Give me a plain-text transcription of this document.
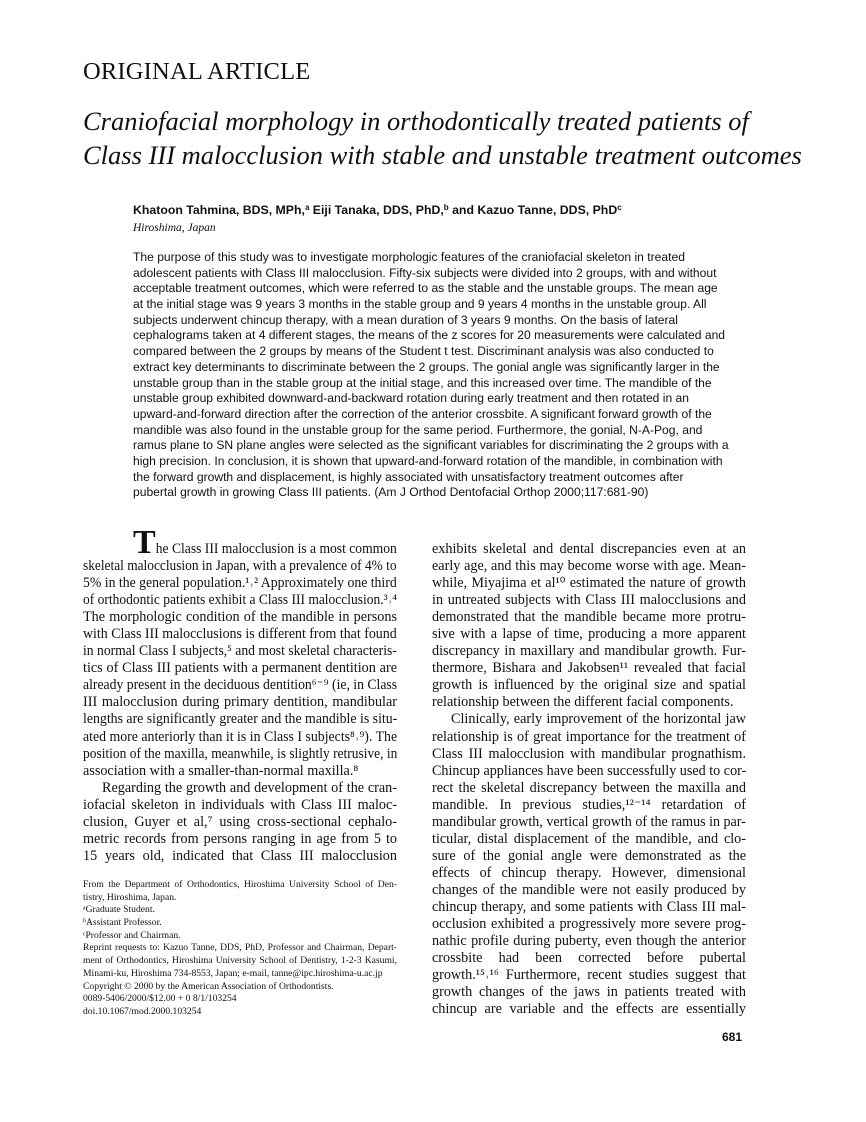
ORIGINAL ARTICLE
Craniofacial morphology in orthodontically treated patients of
Class III malocclusion with stable and unstable treatment outcomes
Khatoon Tahmina, BDS, MPh,$^a$ Eiji Tanaka, DDS, PhD,$^b$ and Kazuo Tanne, DDS, PhD$^c$
Hiroshima, Japan
The purpose of this study was to investigate morphologic features of the craniofacial skeleton in treated
adolescent patients with Class III malocclusion. Fifty-six subjects were divided into 2 groups, with and without
acceptable treatment outcomes, which were referred to as the stable and the unstable groups. The mean age
at the initial stage was 9 years 3 months in the stable group and 9 years 4 months in the unstable group. All
subjects underwent chincup therapy, with a mean duration of 3 years 9 months. On the basis of lateral
cephalograms taken at 4 different stages, the means of the z scores for 20 measurements were calculated and
compared between the 2 groups by means of the Student t test. Discriminant analysis was also conducted to
extract key determinants to discriminate between the 2 groups. The gonial angle was significantly larger in the
unstable group than in the stable group at the initial stage, and this increased over time. The mandible of the
unstable group exhibited downward-and-backward rotation during early treatment and then rotated in an
upward-and-forward direction after the correction of the anterior crossbite. A significant forward growth of the
mandible was also found in the unstable group for the same period. Furthermore, the gonial, N-A-Pog, and
ramus plane to SN plane angles were selected as the significant variables for discriminating the 2 groups with a
high precision. In conclusion, it is shown that upward-and-forward rotation of the mandible, in combination with
the forward growth and displacement, is highly associated with unsatisfactory treatment outcomes after
pubertal growth in growing Class III patients. (Am J Orthod Dentofacial Orthop 2000;117:681-90)
T he Class III malocclusion is a most common
skeletal malocclusion in Japan, with a prevalence of 4% to
5% in the general population.¹˒² Approximately one third
of orthodontic patients exhibit a Class III malocclusion.³˒⁴
The morphologic condition of the mandible in persons
with Class III malocclusions is different from that found
in normal Class I subjects,⁵ and most skeletal characteris-
tics of Class III patients with a permanent dentition are
already present in the deciduous dentition⁶⁻⁹ (ie, in Class
III malocclusion during primary dentition, mandibular
lengths are significantly greater and the mandible is situ-
ated more anteriorly than it is in Class I subjects⁸˒⁹). The
position of the maxilla, meanwhile, is slightly retrusive, in
association with a smaller-than-normal maxilla.⁸
Regarding the growth and development of the cran-
iofacial skeleton in individuals with Class III maloc-
clusion, Guyer et al,⁷ using cross-sectional cephalo-
metric records from persons ranging in age from 5 to
15 years old, indicated that Class III malocclusion
exhibits skeletal and dental discrepancies even at an
early age, and this may become worse with age. Mean-
while, Miyajima et al¹⁰ estimated the nature of growth
in untreated subjects with Class III malocclusions and
demonstrated that the mandible became more protru-
sive with a lapse of time, producing a more apparent
discrepancy in maxillary and mandibular growth. Fur-
thermore, Bishara and Jakobsen¹¹ revealed that facial
growth is influenced by the original size and spatial
relationship between the different facial components.
Clinically, early improvement of the horizontal jaw
relationship is of great importance for the treatment of
Class III malocclusion with mandibular prognathism.
Chincup appliances have been successfully used to cor-
rect the skeletal discrepancy between the maxilla and
mandible. In previous studies,¹²⁻¹⁴ retardation of
mandibular growth, vertical growth of the ramus in par-
ticular, distal displacement of the mandible, and clo-
sure of the gonial angle were demonstrated as the
effects of chincup therapy. However, dimensional
changes of the mandible were not easily produced by
chincup therapy, and some patients with Class III mal-
occlusion exhibited a progressively more severe prog-
nathic profile during puberty, even though the anterior
crossbite had been corrected before pubertal
growth.¹⁵˒¹⁶ Furthermore, recent studies suggest that
growth changes of the jaws in patients treated with
chincup are variable and the effects are essentially
From the Department of Orthodontics, Hiroshima University School of Den-
tistry, Hiroshima, Japan.
ᵃGraduate Student.
ᵇAssistant Professor.
ᶜProfessor and Chairman.
Reprint requests to: Kazuo Tanne, DDS, PhD, Professor and Chairman, Depart-
ment of Orthodontics, Hiroshima University School of Dentistry, 1-2-3 Kasumi,
Minami-ku, Hiroshima 734-8553, Japan; e-mail, tanne@ipc.hiroshima-u.ac.jp
Copyright © 2000 by the American Association of Orthodontists.
0089-5406/2000/$12.00 + 0 8/1/103254
doi.10.1067/mod.2000.103254
681
